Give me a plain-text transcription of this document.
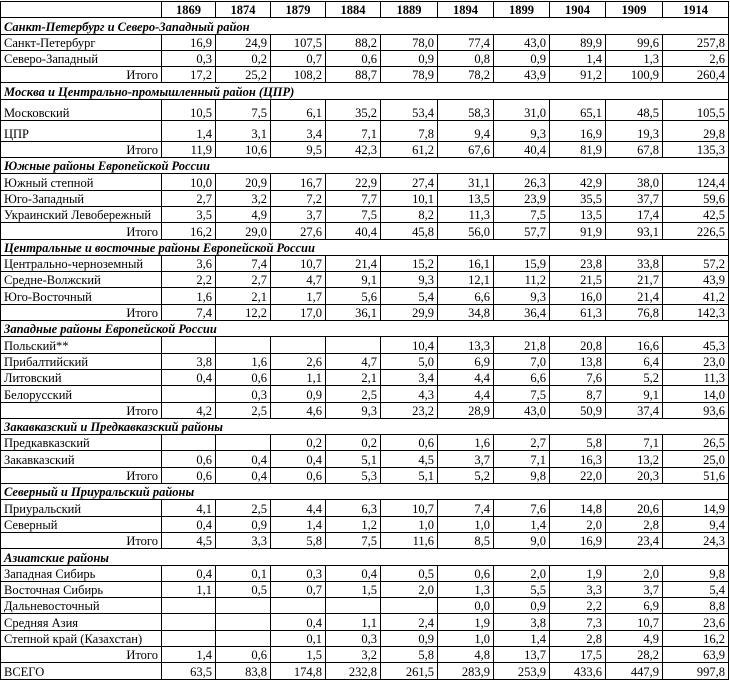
	1869	1874	1879	1884	1889	1894	1899	1904	1909	1914
Санкт-Петербург и Северо-Западный район										
Санкт-Петербург	16,9	24,9	107,5	88,2	78,0	77,4	43,0	89,9	99,6	257,8
Северо-Западный	0,3	0,2	0,7	0,6	0,9	0,8	0,9	1,4	1,3	2,6
Итого	17,2	25,2	108,2	88,7	78,9	78,2	43,9	91,2	100,9	260,4
Москва и Центрально-промышленный район (ЦПР)										
Московский	10,5	7,5	6,1	35,2	53,4	58,3	31,0	65,1	48,5	105,5
ЦПР	1,4	3,1	3,4	7,1	7,8	9,4	9,3	16,9	19,3	29,8
Итого	11,9	10,6	9,5	42,3	61,2	67,6	40,4	81,9	67,8	135,3
Южные районы Европейской России										
Южный степной	10,0	20,9	16,7	22,9	27,4	31,1	26,3	42,9	38,0	124,4
Юго-Западный	2,7	3,2	7,2	7,7	10,1	13,5	23,9	35,5	37,7	59,6
Украинский Левобережный	3,5	4,9	3,7	7,5	8,2	11,3	7,5	13,5	17,4	42,5
Итого	16,2	29,0	27,6	40,4	45,8	56,0	57,7	91,9	93,1	226,5
Центральные и восточные районы Европейской России										
Центрально-черноземный	3,6	7,4	10,7	21,4	15,2	16,1	15,9	23,8	33,8	57,2
Средне-Волжский	2,2	2,7	4,7	9,1	9,3	12,1	11,2	21,5	21,7	43,9
Юго-Восточный	1,6	2,1	1,7	5,6	5,4	6,6	9,3	16,0	21,4	41,2
Итого	7,4	12,2	17,0	36,1	29,9	34,8	36,4	61,3	76,8	142,3
Западные районы Европейской России										
Польский**					10,4	13,3	21,8	20,8	16,6	45,3
Прибалтийский	3,8	1,6	2,6	4,7	5,0	6,9	7,0	13,8	6,4	23,0
Литовский	0,4	0,6	1,1	2,1	3,4	4,4	6,6	7,6	5,2	11,3
Белорусский		0,3	0,9	2,5	4,3	4,4	7,5	8,7	9,1	14,0
Итого	4,2	2,5	4,6	9,3	23,2	28,9	43,0	50,9	37,4	93,6
Закавказский и Предкавказский районы										
Предкавказский			0,2	0,2	0,6	1,6	2,7	5,8	7,1	26,5
Закавказский	0,6	0,4	0,4	5,1	4,5	3,7	7,1	16,3	13,2	25,0
Итого	0,6	0,4	0,6	5,3	5,1	5,2	9,8	22,0	20,3	51,6
Северный и Приуральский районы										
Приуральский	4,1	2,5	4,4	6,3	10,7	7,4	7,6	14,8	20,6	14,9
Северный	0,4	0,9	1,4	1,2	1,0	1,0	1,4	2,0	2,8	9,4
Итого	4,5	3,3	5,8	7,5	11,6	8,5	9,0	16,9	23,4	24,3
Азиатские районы										
Западная Сибирь	0,4	0,1	0,3	0,4	0,5	0,6	2,0	1,9	2,0	9,8
Восточная Сибирь	1,1	0,5	0,7	1,5	2,0	1,3	5,5	3,3	3,7	5,4
Дальневосточный						0,0	0,9	2,2	6,9	8,8
Средняя Азия			0,4	1,1	2,4	1,9	3,8	7,3	10,7	23,6
Степной край (Казахстан)			0,1	0,3	0,9	1,0	1,4	2,8	4,9	16,2
Итого	1,4	0,6	1,5	3,2	5,8	4,8	13,7	17,5	28,2	63,9
ВСЕГО	63,5	83,8	174,8	232,8	261,5	283,9	253,9	433,6	447,9	997,8
